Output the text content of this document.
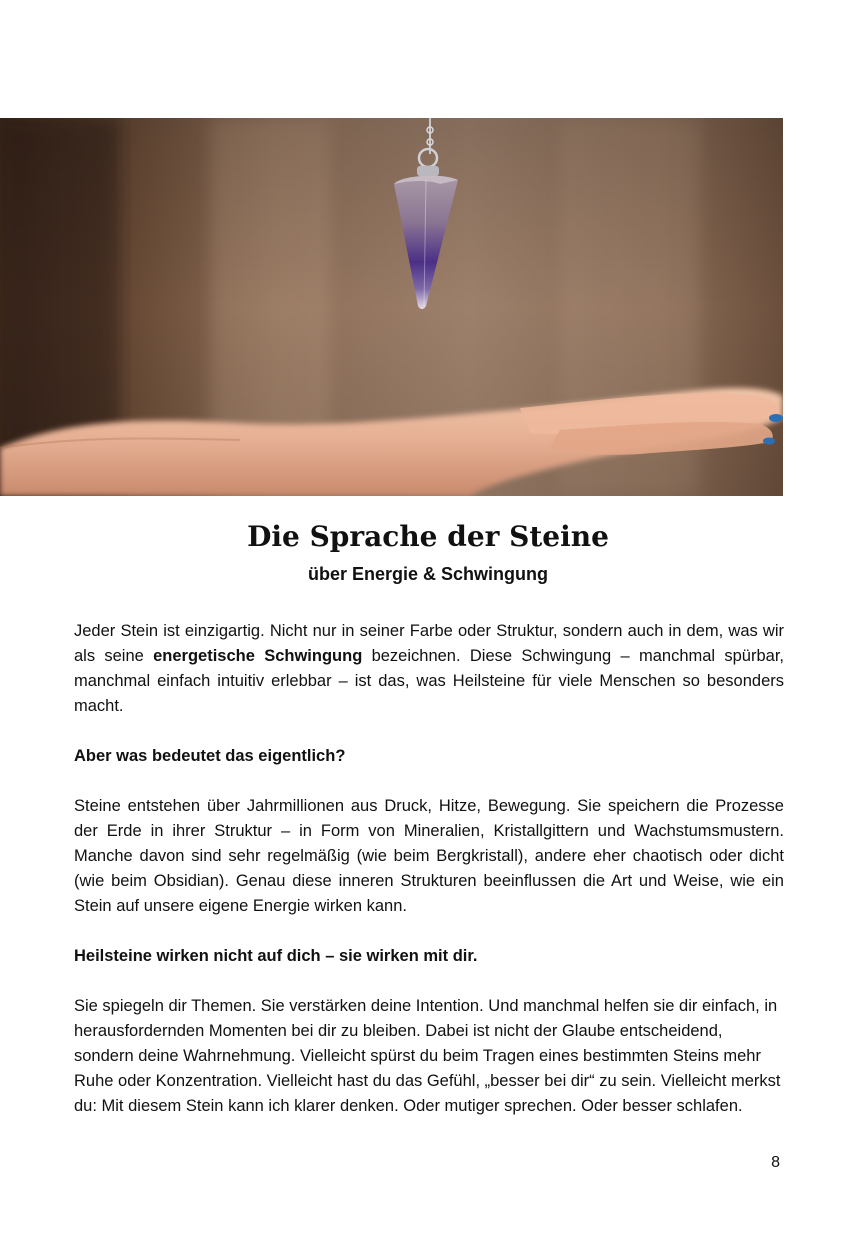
Die Sprache der Steine
über Energie & Schwingung

Jeder Stein ist einzigartig. Nicht nur in seiner Farbe oder Struktur, sondern auch in dem, was wir als seine energetische Schwingung bezeichnen. Diese Schwingung – manchmal spürbar, manchmal einfach intuitiv erlebbar – ist das, was Heilsteine für viele Menschen so besonders macht.

Aber was bedeutet das eigentlich?

Steine entstehen über Jahrmillionen aus Druck, Hitze, Bewegung. Sie speichern die Prozesse der Erde in ihrer Struktur – in Form von Mineralien, Kristallgittern und Wachstumsmustern. Manche davon sind sehr regelmäßig (wie beim Bergkristall), andere eher chaotisch oder dicht (wie beim Obsidian). Genau diese inneren Strukturen beeinflussen die Art und Weise, wie ein Stein auf unsere eigene Energie wirken kann.

Heilsteine wirken nicht auf dich – sie wirken mit dir.

Sie spiegeln dir Themen. Sie verstärken deine Intention. Und manchmal helfen sie dir einfach, in herausfordernden Momenten bei dir zu bleiben. Dabei ist nicht der Glaube entscheidend, sondern deine Wahrnehmung. Vielleicht spürst du beim Tragen eines bestimmten Steins mehr Ruhe oder Konzentration. Vielleicht hast du das Gefühl, „besser bei dir“ zu sein. Vielleicht merkst du: Mit diesem Stein kann ich klarer denken. Oder mutiger sprechen. Oder besser schlafen.

8
